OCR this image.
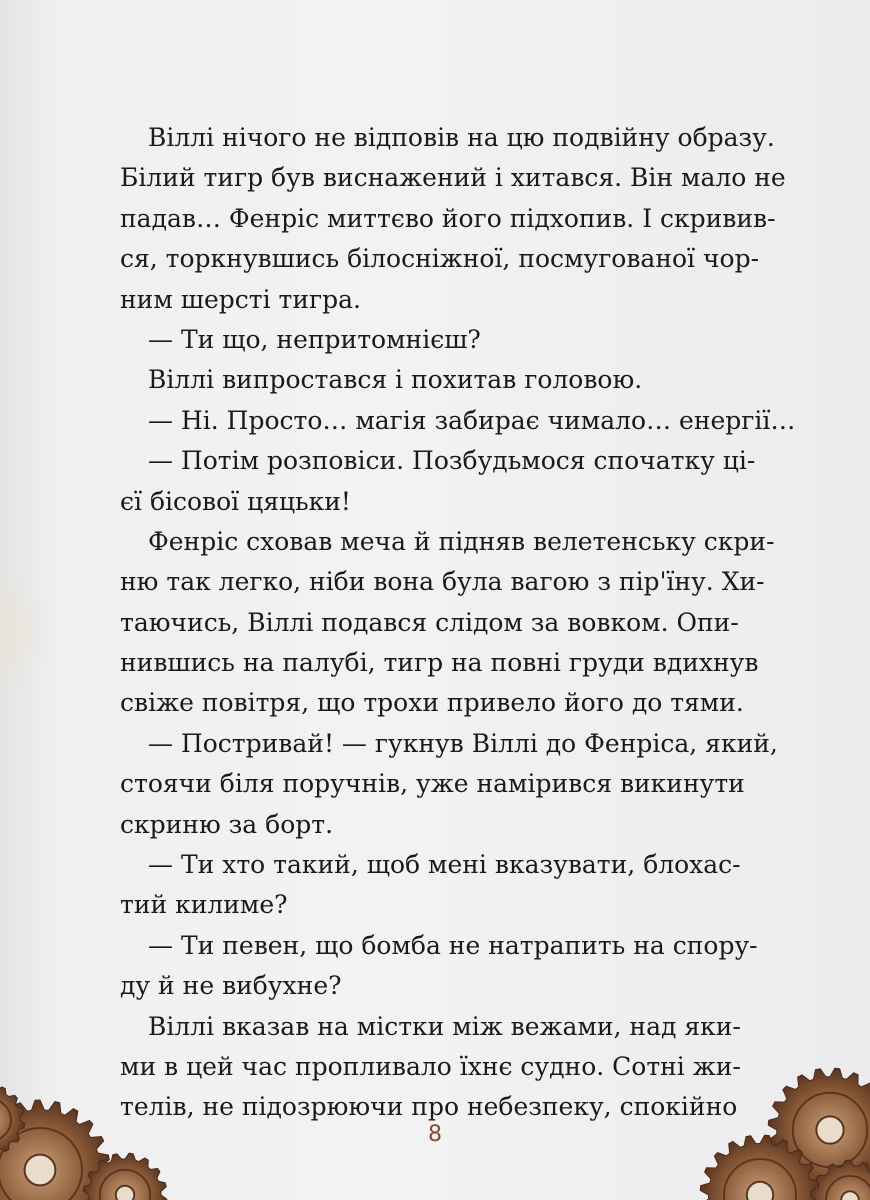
Віллі нічого не відповів на цю подвійну образу.
Білий тигр був виснажений і хитався. Він мало не
падав… Фенріс миттєво його підхопив. І скривив-
ся, торкнувшись білосніжної, посмугованої чор-
ним шерсті тигра.
— Ти що, непритомнієш?
Віллі випростався і похитав головою.
— Ні. Просто… магія забирає чимало… енергії…
— Потім розповіси. Позбудьмося спочатку ці-
єї бісової цяцьки!
Фенріс сховав меча й підняв велетенську скри-
ню так легко, ніби вона була вагою з пір'їну. Хи-
таючись, Віллі подався слідом за вовком. Опи-
нившись на палубі, тигр на повні груди вдихнув
свіже повітря, що трохи привело його до тями.
— Постривай! — гукнув Віллі до Фенріса, який,
стоячи біля поручнів, уже намірився викинути
скриню за борт.
— Ти хто такий, щоб мені вказувати, блохас-
тий килиме?
— Ти певен, що бомба не натрапить на спору-
ду й не вибухне?
Віллі вказав на містки між вежами, над яки-
ми в цей час пропливало їхнє судно. Сотні жи-
телів, не підозрюючи про небезпеку, спокійно
8
